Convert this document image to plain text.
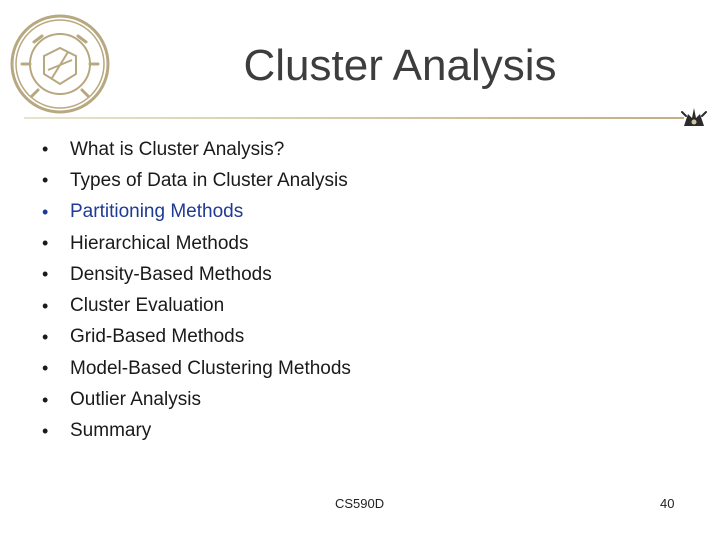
Cluster Analysis
•	What is Cluster Analysis?
•	Types of Data in Cluster Analysis
•	Partitioning Methods
•	Hierarchical Methods
•	Density-Based Methods
•	Cluster Evaluation
•	Grid-Based Methods
•	Model-Based Clustering Methods
•	Outlier Analysis
•	Summary
CS590D	40
